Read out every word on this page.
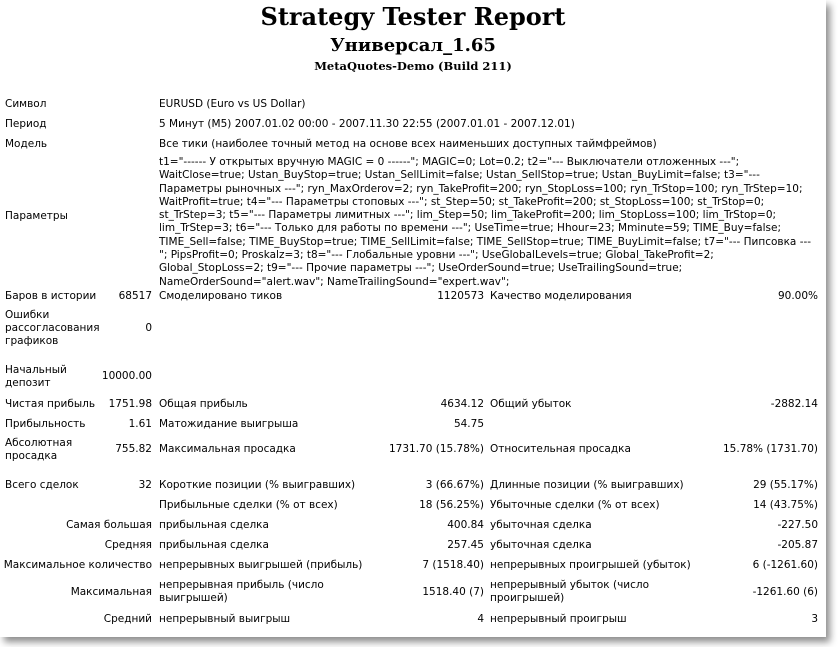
Strategy Tester Report
Универсал_1.65
MetaQuotes-Demo (Build 211)
Символ	EURUSD (Euro vs US Dollar)
Период	5 Минут (M5) 2007.01.02 00:00 - 2007.11.30 22:55 (2007.01.01 - 2007.12.01)
Модель	Все тики (наиболее точный метод на основе всех наименьших доступных таймфреймов)
Параметры
t1="------ У открытых вручную MAGIC = 0 ------"; MAGIC=0; Lot=0.2; t2="--- Выключатели отложенных ---"; WaitClose=true; Ustan_BuyStop=true; Ustan_SellLimit=false; Ustan_SellStop=true; Ustan_BuyLimit=false; t3="--- Параметры рыночных ---"; ryn_MaxOrderov=2; ryn_TakeProfit=200; ryn_StopLoss=100; ryn_TrStop=100; ryn_TrStep=10; WaitProfit=true; t4="--- Параметры стоповых ---"; st_Step=50; st_TakeProfit=200; st_StopLoss=100; st_TrStop=0; st_TrStep=3; t5="--- Параметры лимитных ---"; lim_Step=50; lim_TakeProfit=200; lim_StopLoss=100; lim_TrStop=0; lim_TrStep=3; t6="--- Только для работы по времени ---"; UseTime=true; Hhour=23; Mminute=59; TIME_Buy=false; TIME_Sell=false; TIME_BuyStop=true; TIME_SellLimit=false; TIME_SellStop=true; TIME_BuyLimit=false; t7="--- Пипсовка ---"; PipsProfit=0; Proskalz=3; t8="--- Глобальные уровни ---"; UseGlobalLevels=true; Global_TakeProfit=2; Global_StopLoss=2; t9="--- Прочие параметры ---"; UseOrderSound=true; UseTrailingSound=true; NameOrderSound="alert.wav"; NameTrailingSound="expert.wav";
Баров в истории 68517 Смоделировано тиков	1120573 Качество моделирования	90.00%
Ошибки
рассогласования
графиков
0
Начальный
депозит
10000.00
Чистая прибыль 1751.98 Общая прибыль	4634.12 Общий убыток	-2882.14
Прибыльность	1.61 Матожидание выигрыша	54.75
Абсолютная
просадка
755.82 Максимальная просадка	1731.70 (15.78%) Относительная просадка	15.78% (1731.70)
Всего сделок	32 Короткие позиции (% выигравших)	3 (66.67%) Длинные позиции (% выигравших)	29 (55.17%)
Прибыльные сделки (% от всех)	18 (56.25%) Убыточные сделки (% от всех)	14 (43.75%)
Самая большая прибыльная сделка	400.84 убыточная сделка	-227.50
Средняя прибыльная сделка	257.45 убыточная сделка	-205.87
Максимальное количество непрерывных выигрышей (прибыль)	7 (1518.40) непрерывных проигрышей (убыток)	6 (-1261.60)
Максимальная
непрерывная прибыль (число
выигрышей)	1518.40 (7)
непрерывный убыток (число
проигрышей)	-1261.60 (6)
Средний непрерывный выигрыш	4 непрерывный проигрыш	3
